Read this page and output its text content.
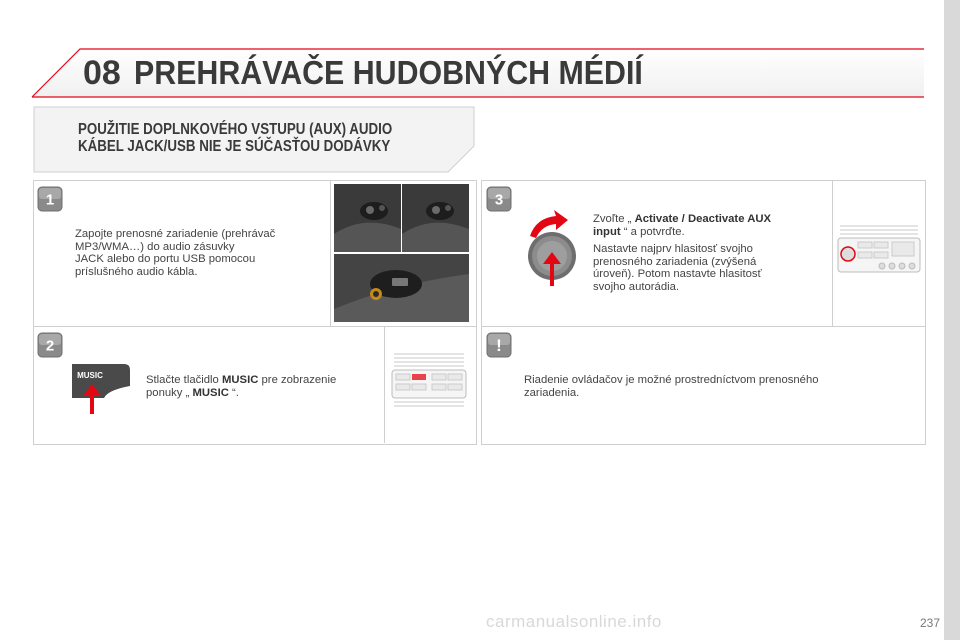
08 PREHRÁVAČE HUDOBNÝCH MÉDIÍ
POUŽITIE DOPLNKOVÉHO VSTUPU (AUX) AUDIO
KÁBEL JACK/USB NIE JE SÚČASŤOU DODÁVKY
1
Zapojte prenosné zariadenie (prehrávač
MP3/WMA…) do audio zásuvky
JACK alebo do portu USB pomocou
príslušného audio kábla.
2
MUSIC	Stlačte tlačidlo MUSIC pre zobrazenie
ponuky „ MUSIC “.
3
Zvoľte „ Activate / Deactivate AUX
input “ a potvrďte.
Nastavte najprv hlasitosť svojho
prenosného zariadenia (zvýšená
úroveň). Potom nastavte hlasitosť
svojho autorádia.
!
Riadenie ovládačov je možné prostredníctvom prenosného
zariadenia.
carmanualsonline.info	237
